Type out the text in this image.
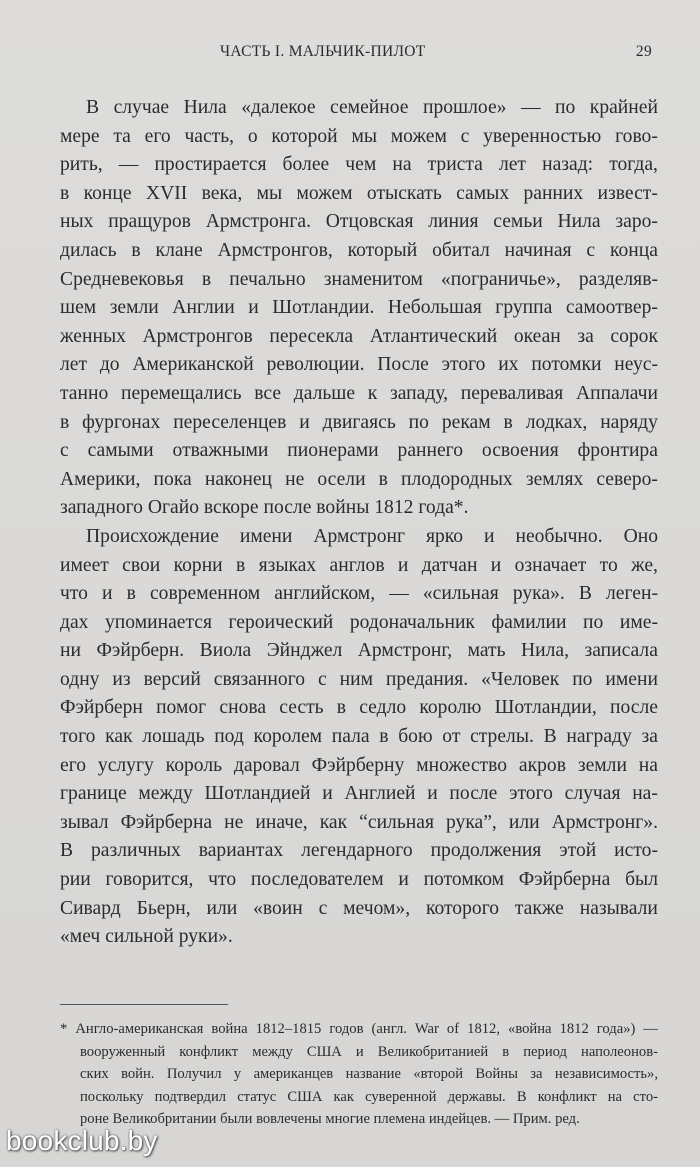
ЧАСТЬ I. МАЛЬЧИК-ПИЛОТ	29
В случае Нила «далекое семейное прошлое» — по крайней
мере та его часть, о которой мы можем с уверенностью гово-
рить, — простирается более чем на триста лет назад: тогда,
в конце XVII века, мы можем отыскать самых ранних извест-
ных пращуров Армстронга. Отцовская линия семьи Нила заро-
дилась в клане Армстронгов, который обитал начиная с конца
Средневековья в печально знаменитом «пограничье», разделяв-
шем земли Англии и Шотландии. Небольшая группа самоотвер-
женных Армстронгов пересекла Атлантический океан за сорок
лет до Американской революции. После этого их потомки неус-
танно перемещались все дальше к западу, переваливая Аппалачи
в фургонах переселенцев и двигаясь по рекам в лодках, наряду
с самыми отважными пионерами раннего освоения фронтира
Америки, пока наконец не осели в плодородных землях северо-
западного Огайо вскоре после войны 1812 года*.
Происхождение имени Армстронг ярко и необычно. Оно
имеет свои корни в языках англов и датчан и означает то же,
что и в современном английском, — «сильная рука». В леген-
дах упоминается героический родоначальник фамилии по име-
ни Фэйрберн. Виола Эйнджел Армстронг, мать Нила, записала
одну из версий связанного с ним предания. «Человек по имени
Фэйрберн помог снова сесть в седло королю Шотландии, после
того как лошадь под королем пала в бою от стрелы. В награду за
его услугу король даровал Фэйрберну множество акров земли на
границе между Шотландией и Англией и после этого случая на-
зывал Фэйрберна не иначе, как “сильная рука”, или Армстронг».
В различных вариантах легендарного продолжения этой исто-
рии говорится, что последователем и потомком Фэйрберна был
Сивард Бьерн, или «воин с мечом», которого также называли
«меч сильной руки».
* Англо-американская война 1812–1815 годов (англ. War of 1812, «война 1812 года») —
вооруженный конфликт между США и Великобританией в период наполеонов-
ских войн. Получил у американцев название «второй Войны за независимость»,
поскольку подтвердил статус США как суверенной державы. В конфликт на сто-
роне Великобритании были вовлечены многие племена индейцев. — Прим. ред.
bookclub.by
